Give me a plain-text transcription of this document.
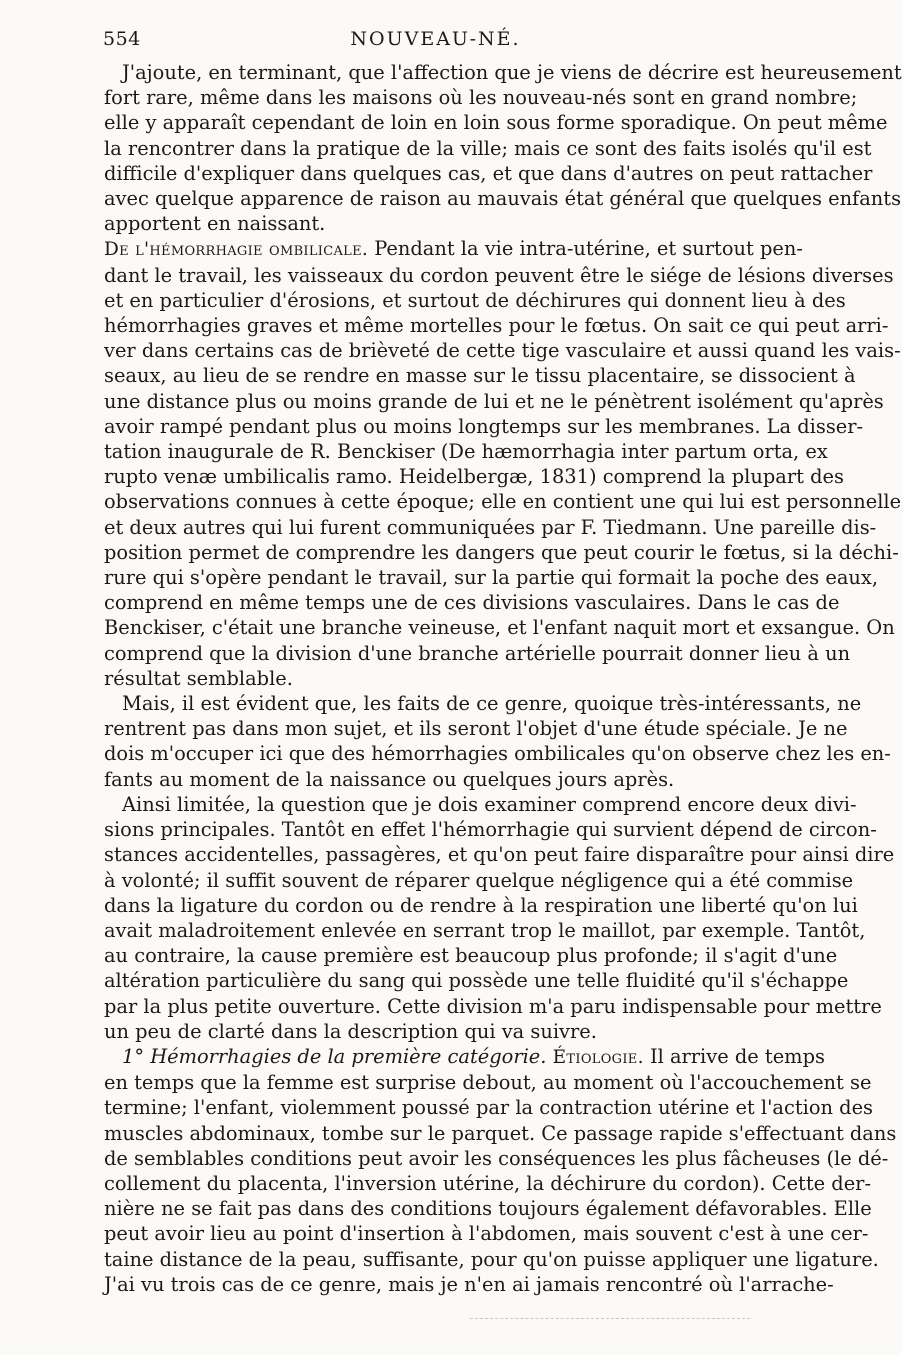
554	NOUVEAU-NÉ.
J'ajoute, en terminant, que l'affection que je viens de décrire est heureusement
fort rare, même dans les maisons où les nouveau-nés sont en grand nombre;
elle y apparaît cependant de loin en loin sous forme sporadique. On peut même
la rencontrer dans la pratique de la ville; mais ce sont des faits isolés qu'il est
difficile d'expliquer dans quelques cas, et que dans d'autres on peut rattacher
avec quelque apparence de raison au mauvais état général que quelques enfants
apportent en naissant.
De l'hémorrhagie ombilicale. Pendant la vie intra-utérine, et surtout pen-
dant le travail, les vaisseaux du cordon peuvent être le siége de lésions diverses
et en particulier d'érosions, et surtout de déchirures qui donnent lieu à des
hémorrhagies graves et même mortelles pour le fœtus. On sait ce qui peut arri-
ver dans certains cas de brièveté de cette tige vasculaire et aussi quand les vais-
seaux, au lieu de se rendre en masse sur le tissu placentaire, se dissocient à
une distance plus ou moins grande de lui et ne le pénètrent isolément qu'après
avoir rampé pendant plus ou moins longtemps sur les membranes. La disser-
tation inaugurale de R. Benckiser (De hæmorrhagia inter partum orta, ex
rupto venæ umbilicalis ramo. Heidelbergæ, 1831) comprend la plupart des
observations connues à cette époque; elle en contient une qui lui est personnelle
et deux autres qui lui furent communiquées par F. Tiedmann. Une pareille dis-
position permet de comprendre les dangers que peut courir le fœtus, si la déchi-
rure qui s'opère pendant le travail, sur la partie qui formait la poche des eaux,
comprend en même temps une de ces divisions vasculaires. Dans le cas de
Benckiser, c'était une branche veineuse, et l'enfant naquit mort et exsangue. On
comprend que la division d'une branche artérielle pourrait donner lieu à un
résultat semblable.
Mais, il est évident que, les faits de ce genre, quoique très-intéressants, ne
rentrent pas dans mon sujet, et ils seront l'objet d'une étude spéciale. Je ne
dois m'occuper ici que des hémorrhagies ombilicales qu'on observe chez les en-
fants au moment de la naissance ou quelques jours après.
Ainsi limitée, la question que je dois examiner comprend encore deux divi-
sions principales. Tantôt en effet l'hémorrhagie qui survient dépend de circon-
stances accidentelles, passagères, et qu'on peut faire disparaître pour ainsi dire
à volonté; il suffit souvent de réparer quelque négligence qui a été commise
dans la ligature du cordon ou de rendre à la respiration une liberté qu'on lui
avait maladroitement enlevée en serrant trop le maillot, par exemple. Tantôt,
au contraire, la cause première est beaucoup plus profonde; il s'agit d'une
altération particulière du sang qui possède une telle fluidité qu'il s'échappe
par la plus petite ouverture. Cette division m'a paru indispensable pour mettre
un peu de clarté dans la description qui va suivre.
1° Hémorrhagies de la première catégorie. Étiologie. Il arrive de temps
en temps que la femme est surprise debout, au moment où l'accouchement se
termine; l'enfant, violemment poussé par la contraction utérine et l'action des
muscles abdominaux, tombe sur le parquet. Ce passage rapide s'effectuant dans
de semblables conditions peut avoir les conséquences les plus fâcheuses (le dé-
collement du placenta, l'inversion utérine, la déchirure du cordon). Cette der-
nière ne se fait pas dans des conditions toujours également défavorables. Elle
peut avoir lieu au point d'insertion à l'abdomen, mais souvent c'est à une cer-
taine distance de la peau, suffisante, pour qu'on puisse appliquer une ligature.
J'ai vu trois cas de ce genre, mais je n'en ai jamais rencontré où l'arrache-
